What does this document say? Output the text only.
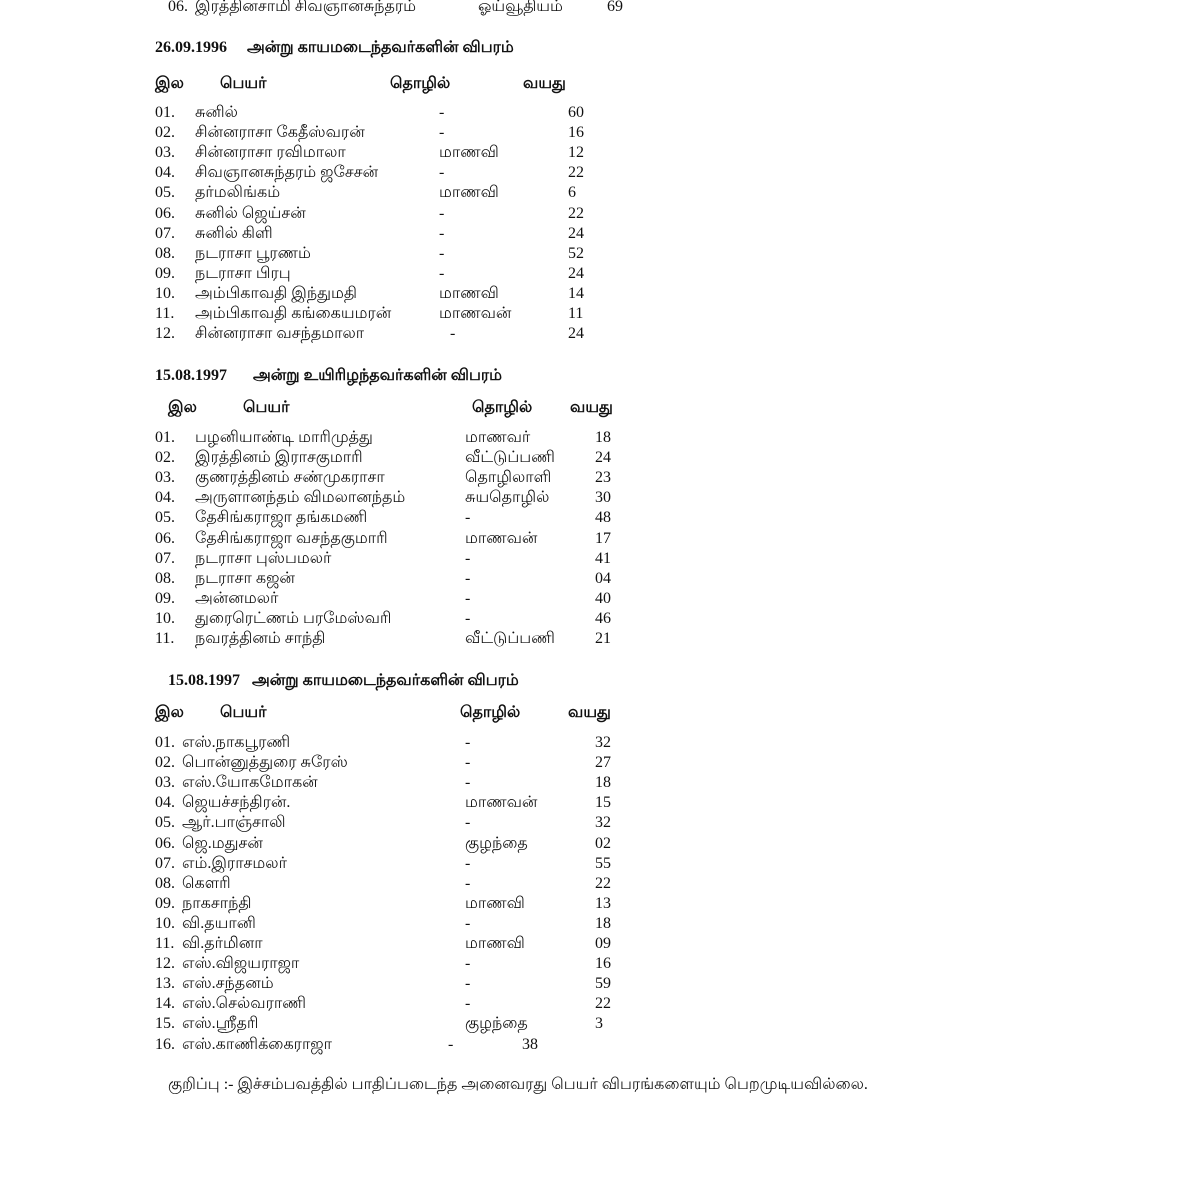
06. இரத்தினசாமி சிவஞானசுந்தரம்	ஓய்வூதியம்	69
26.09.1996 அன்று காயமடைந்தவர்களின் விபரம்
இல பெயர்	தொழில்	வயது
01. சுனில்	-	60
02. சின்னராசா கேதீஸ்வரன்	-	16
03. சின்னராசா ரவிமாலா	மாணவி	12
04. சிவஞானசுந்தரம் ஜசேசன்	-	22
05. தர்மலிங்கம்	மாணவி	6
06. சுனில் ஜெய்சன்	-	22
07. சுனில் கிளி	-	24
08. நடராசா பூரணம்	-	52
09. நடராசா பிரபு	-	24
10. அம்பிகாவதி இந்துமதி	மாணவி	14
11. அம்பிகாவதி கங்கையமரன்	மாணவன்	11
12. சின்னராசா வசந்தமாலா	-	24
15.08.1997 அன்று உயிரிழந்தவர்களின் விபரம்
இல	பெயர்	தொழில் வயது
01. பழனியாண்டி மாரிமுத்து	மாணவர்	18
02. இரத்தினம் இராசகுமாரி	வீட்டுப்பணி	24
03. குணரத்தினம் சண்முகராசா	தொழிலாளி	23
04. அருளானந்தம் விமலானந்தம்	சுயதொழில்	30
05. தேசிங்கராஜா தங்கமணி	-	48
06. தேசிங்கராஜா வசந்தகுமாரி	மாணவன்	17
07. நடராசா புஸ்பமலர்	-	41
08. நடராசா கஜன்	-	04
09. அன்னமலர்	-	40
10. துரைரெட்ணம் பரமேஸ்வரி	-	46
11. நவரத்தினம் சாந்தி	வீட்டுப்பணி	21
15.08.1997 அன்று காயமடைந்தவர்களின் விபரம்
இல பெயர்	தொழில்	வயது
01. எஸ்.நாகபூரணி	-	32
02. பொன்னுத்துரை சுரேஸ்	-	27
03. எஸ்.யோகமோகன்	-	18
04. ஜெயச்சந்திரன்.	மாணவன்	15
05. ஆர்.பாஞ்சாலி	-	32
06. ஜெ.மதுசன்	குழந்தை	02
07. எம்.இராசமலர்	-	55
08. கௌரி	-	22
09. நாகசாந்தி	மாணவி	13
10. வி.தயானி	-	18
11. வி.தர்மினா	மாணவி	09
12. எஸ்.விஜயராஜா	-	16
13. எஸ்.சந்தனம்	-	59
14. எஸ்.செல்வராணி	-	22
15. எஸ்.ஶ்ரீதரி	குழந்தை	3
16. எஸ்.காணிக்கைராஜா	-	38
குறிப்பு :- இச்சம்பவத்தில் பாதிப்படைந்த அனைவரது பெயர் விபரங்களையும் பெறமுடியவில்லை.
